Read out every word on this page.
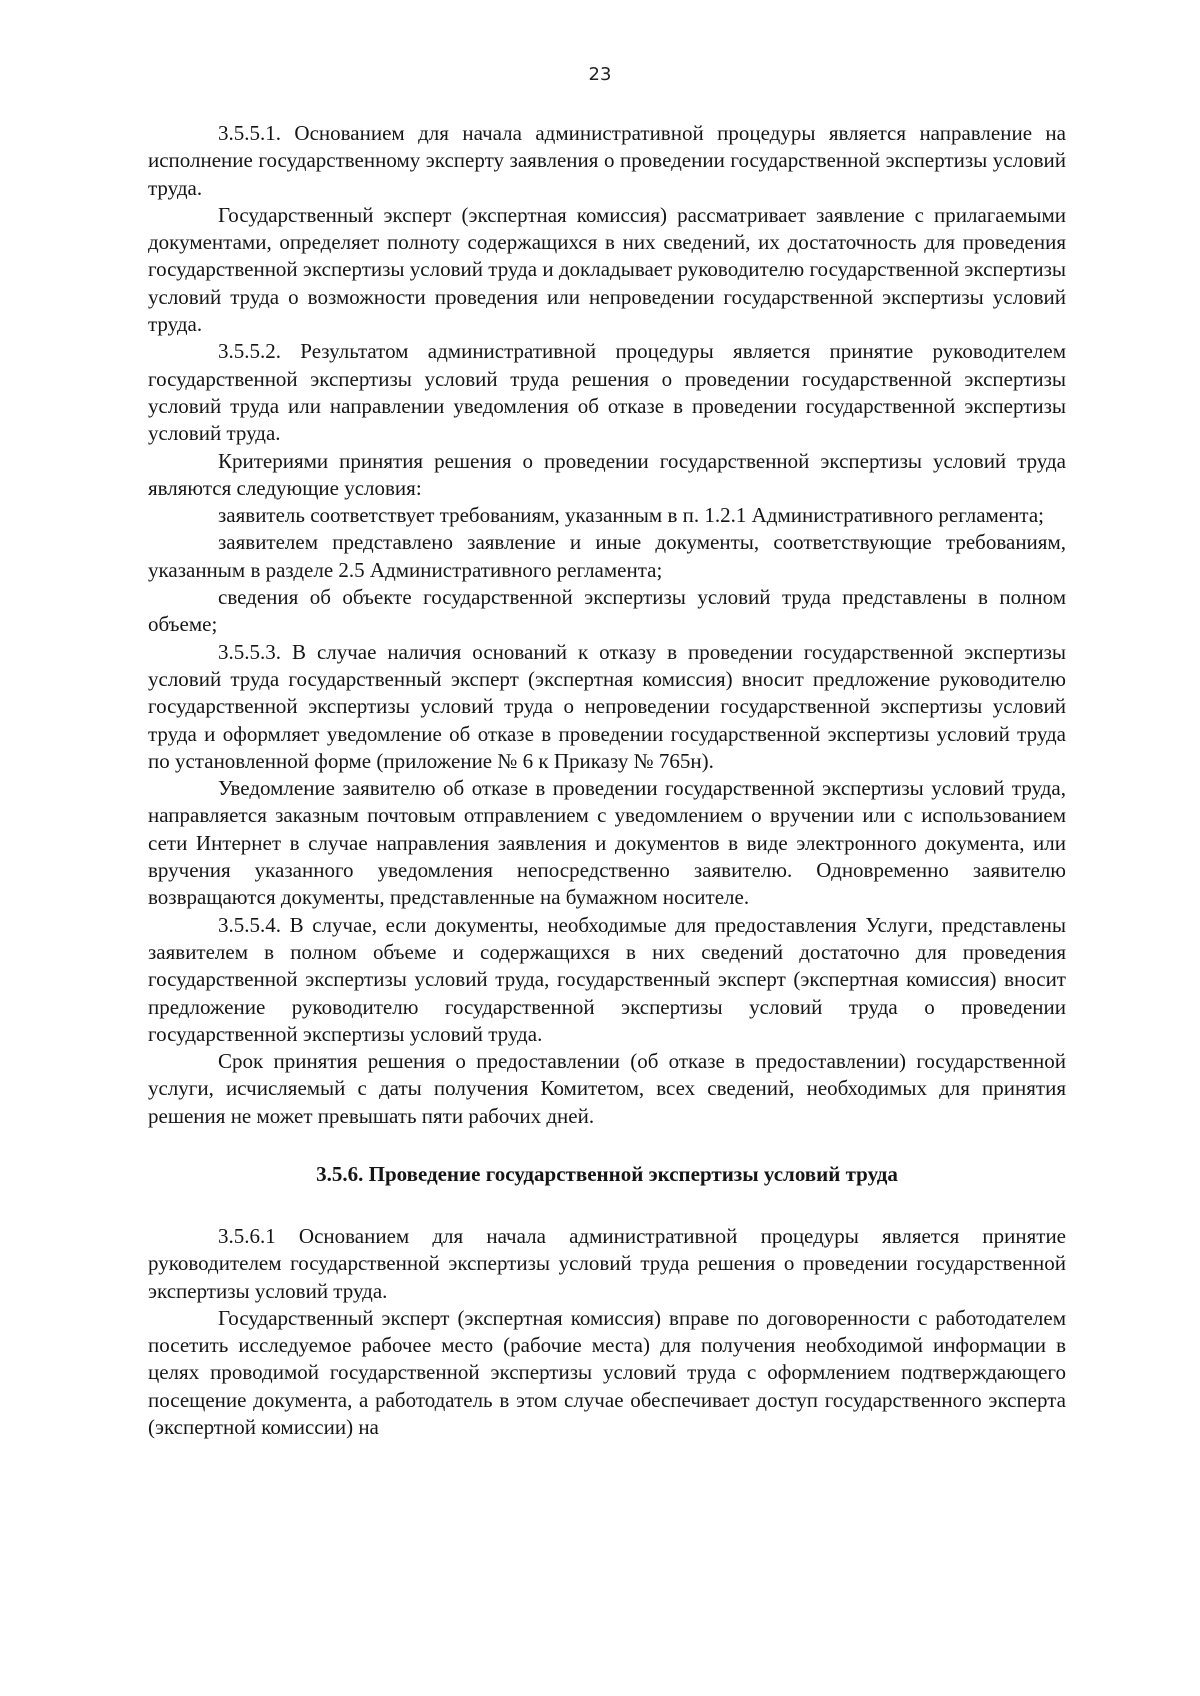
23

3.5.5.1. Основанием для начала административной процедуры является направление на исполнение государственному эксперту заявления о проведении государственной экспертизы условий труда.

Государственный эксперт (экспертная комиссия) рассматривает заявление с прилагаемыми документами, определяет полноту содержащихся в них сведений, их достаточность для проведения государственной экспертизы условий труда и докладывает руководителю государственной экспертизы условий труда о возможности проведения или непроведении государственной экспертизы условий труда.

3.5.5.2. Результатом административной процедуры является принятие руководителем государственной экспертизы условий труда решения о проведении государственной экспертизы условий труда или направлении уведомления об отказе в проведении государственной экспертизы условий труда.

Критериями принятия решения о проведении государственной экспертизы условий труда являются следующие условия:

заявитель соответствует требованиям, указанным в п. 1.2.1 Административного регламента;

заявителем представлено заявление и иные документы, соответствующие требованиям, указанным в разделе 2.5 Административного регламента;

сведения об объекте государственной экспертизы условий труда представлены в полном объеме;

3.5.5.3. В случае наличия оснований к отказу в проведении государственной экспертизы условий труда государственный эксперт (экспертная комиссия) вносит предложение руководителю государственной экспертизы условий труда о непроведении государственной экспертизы условий труда и оформляет уведомление об отказе в проведении государственной экспертизы условий труда по установленной форме (приложение № 6 к Приказу № 765н).

Уведомление заявителю об отказе в проведении государственной экспертизы условий труда, направляется заказным почтовым отправлением с уведомлением о вручении или с использованием сети Интернет в случае направления заявления и документов в виде электронного документа, или вручения указанного уведомления непосредственно заявителю. Одновременно заявителю возвращаются документы, представленные на бумажном носителе.

3.5.5.4. В случае, если документы, необходимые для предоставления Услуги, представлены заявителем в полном объеме и содержащихся в них сведений достаточно для проведения государственной экспертизы условий труда, государственный эксперт (экспертная комиссия) вносит предложение руководителю государственной экспертизы условий труда о проведении государственной экспертизы условий труда.

Срок принятия решения о предоставлении (об отказе в предоставлении) государственной услуги, исчисляемый с даты получения Комитетом, всех сведений, необходимых для принятия решения не может превышать пяти рабочих дней.

3.5.6. Проведение государственной экспертизы условий труда

3.5.6.1 Основанием для начала административной процедуры является принятие руководителем государственной экспертизы условий труда решения о проведении государственной экспертизы условий труда.

Государственный эксперт (экспертная комиссия) вправе по договоренности с работодателем посетить исследуемое рабочее место (рабочие места) для получения необходимой информации в целях проводимой государственной экспертизы условий труда с оформлением подтверждающего посещение документа, а работодатель в этом случае обеспечивает доступ государственного эксперта (экспертной комиссии) на
